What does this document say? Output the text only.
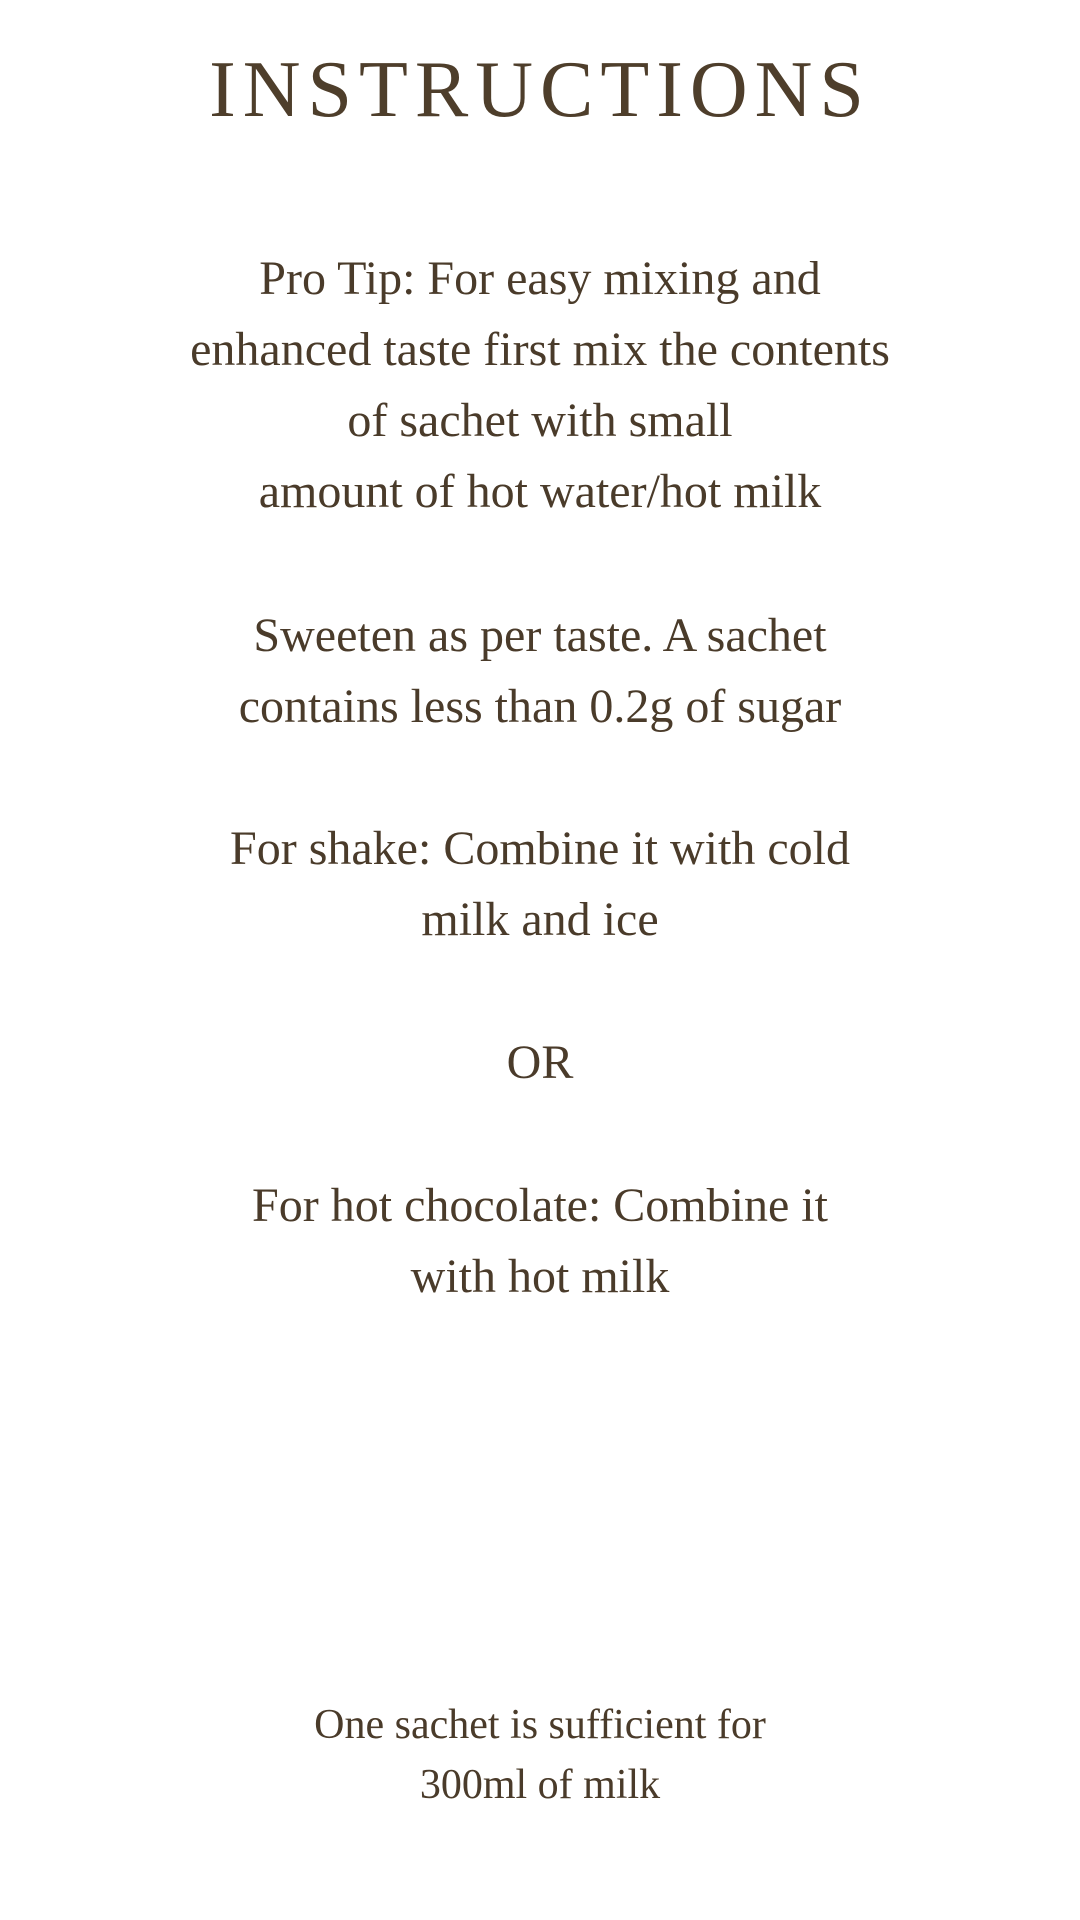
INSTRUCTIONS

Pro Tip: For easy mixing and
enhanced taste first mix the contents
of sachet with small
amount of hot water/hot milk

Sweeten as per taste. A sachet
contains less than 0.2g of sugar

For shake: Combine it with cold
milk and ice

OR

For hot chocolate: Combine it
with hot milk

One sachet is sufficient for
300ml of milk
